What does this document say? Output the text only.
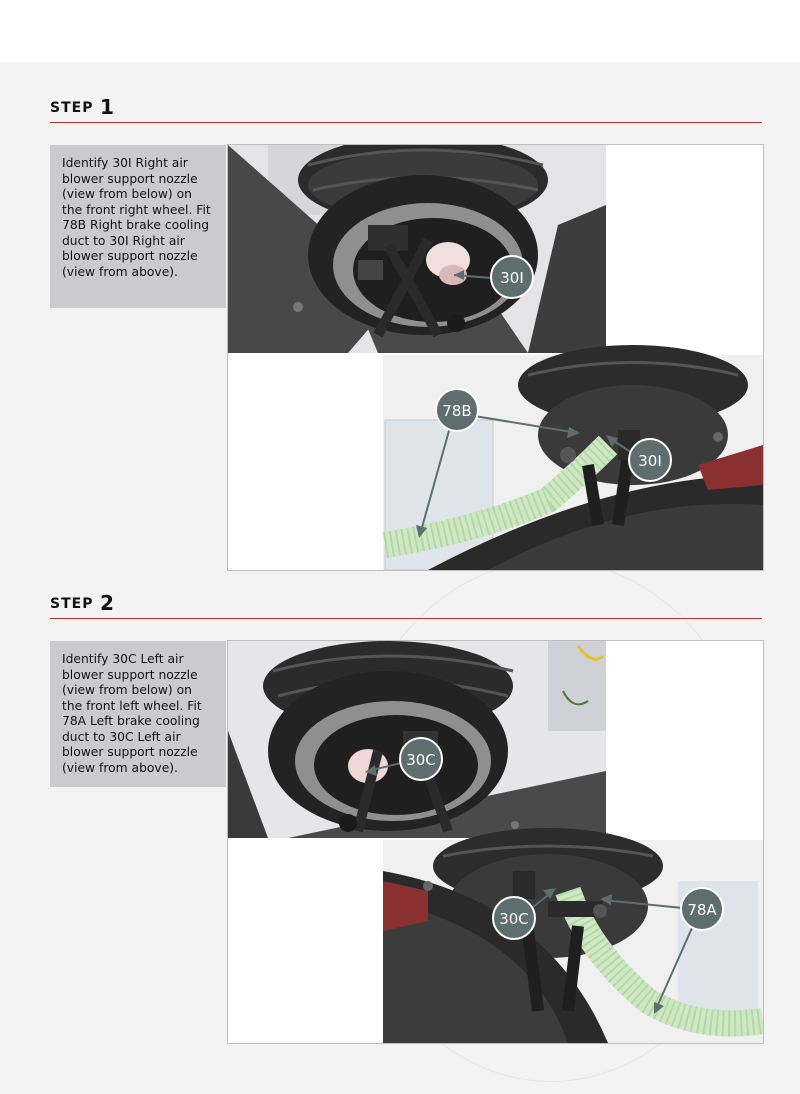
STEP 1
Identify 30I Right air blower support nozzle (view from below) on the front right wheel. Fit 78B Right brake cooling duct to 30I Right air blower support nozzle (view from above).	30I
78B
30I
STEP 2
Identify 30C Left air blower support nozzle (view from below) on the front left wheel. Fit 78A Left brake cooling duct to 30C Left air blower support nozzle (view from above).	30C
30C	78A
